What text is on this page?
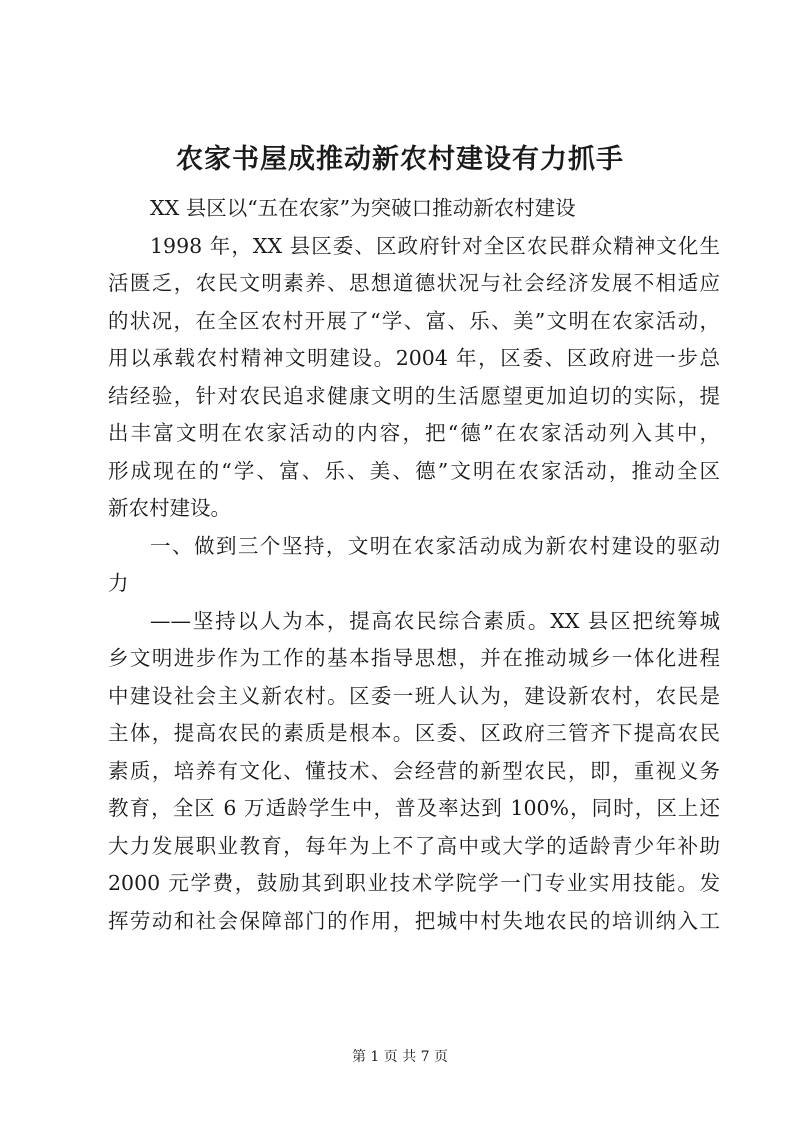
农家书屋成推动新农村建设有力抓手
XX 县区以“五在农家”为突破口推动新农村建设
1998 年，XX 县区委、区政府针对全区农民群众精神文化生
活匮乏，农民文明素养、思想道德状况与社会经济发展不相适应
的状况，在全区农村开展了“学、富、乐、美”文明在农家活动，
用以承载农村精神文明建设。2004 年，区委、区政府进一步总
结经验，针对农民追求健康文明的生活愿望更加迫切的实际，提
出丰富文明在农家活动的内容，把“德”在农家活动列入其中，
形成现在的“学、富、乐、美、德”文明在农家活动，推动全区
新农村建设。
一、做到三个坚持，文明在农家活动成为新农村建设的驱动
力
——坚持以人为本，提高农民综合素质。XX 县区把统筹城
乡文明进步作为工作的基本指导思想，并在推动城乡一体化进程
中建设社会主义新农村。区委一班人认为，建设新农村，农民是
主体，提高农民的素质是根本。区委、区政府三管齐下提高农民
素质，培养有文化、懂技术、会经营的新型农民，即，重视义务
教育，全区 6 万适龄学生中，普及率达到 100%，同时，区上还
大力发展职业教育，每年为上不了高中或大学的适龄青少年补助
2000 元学费，鼓励其到职业技术学院学一门专业实用技能。发
挥劳动和社会保障部门的作用，把城中村失地农民的培训纳入工
第 1 页 共 7 页
